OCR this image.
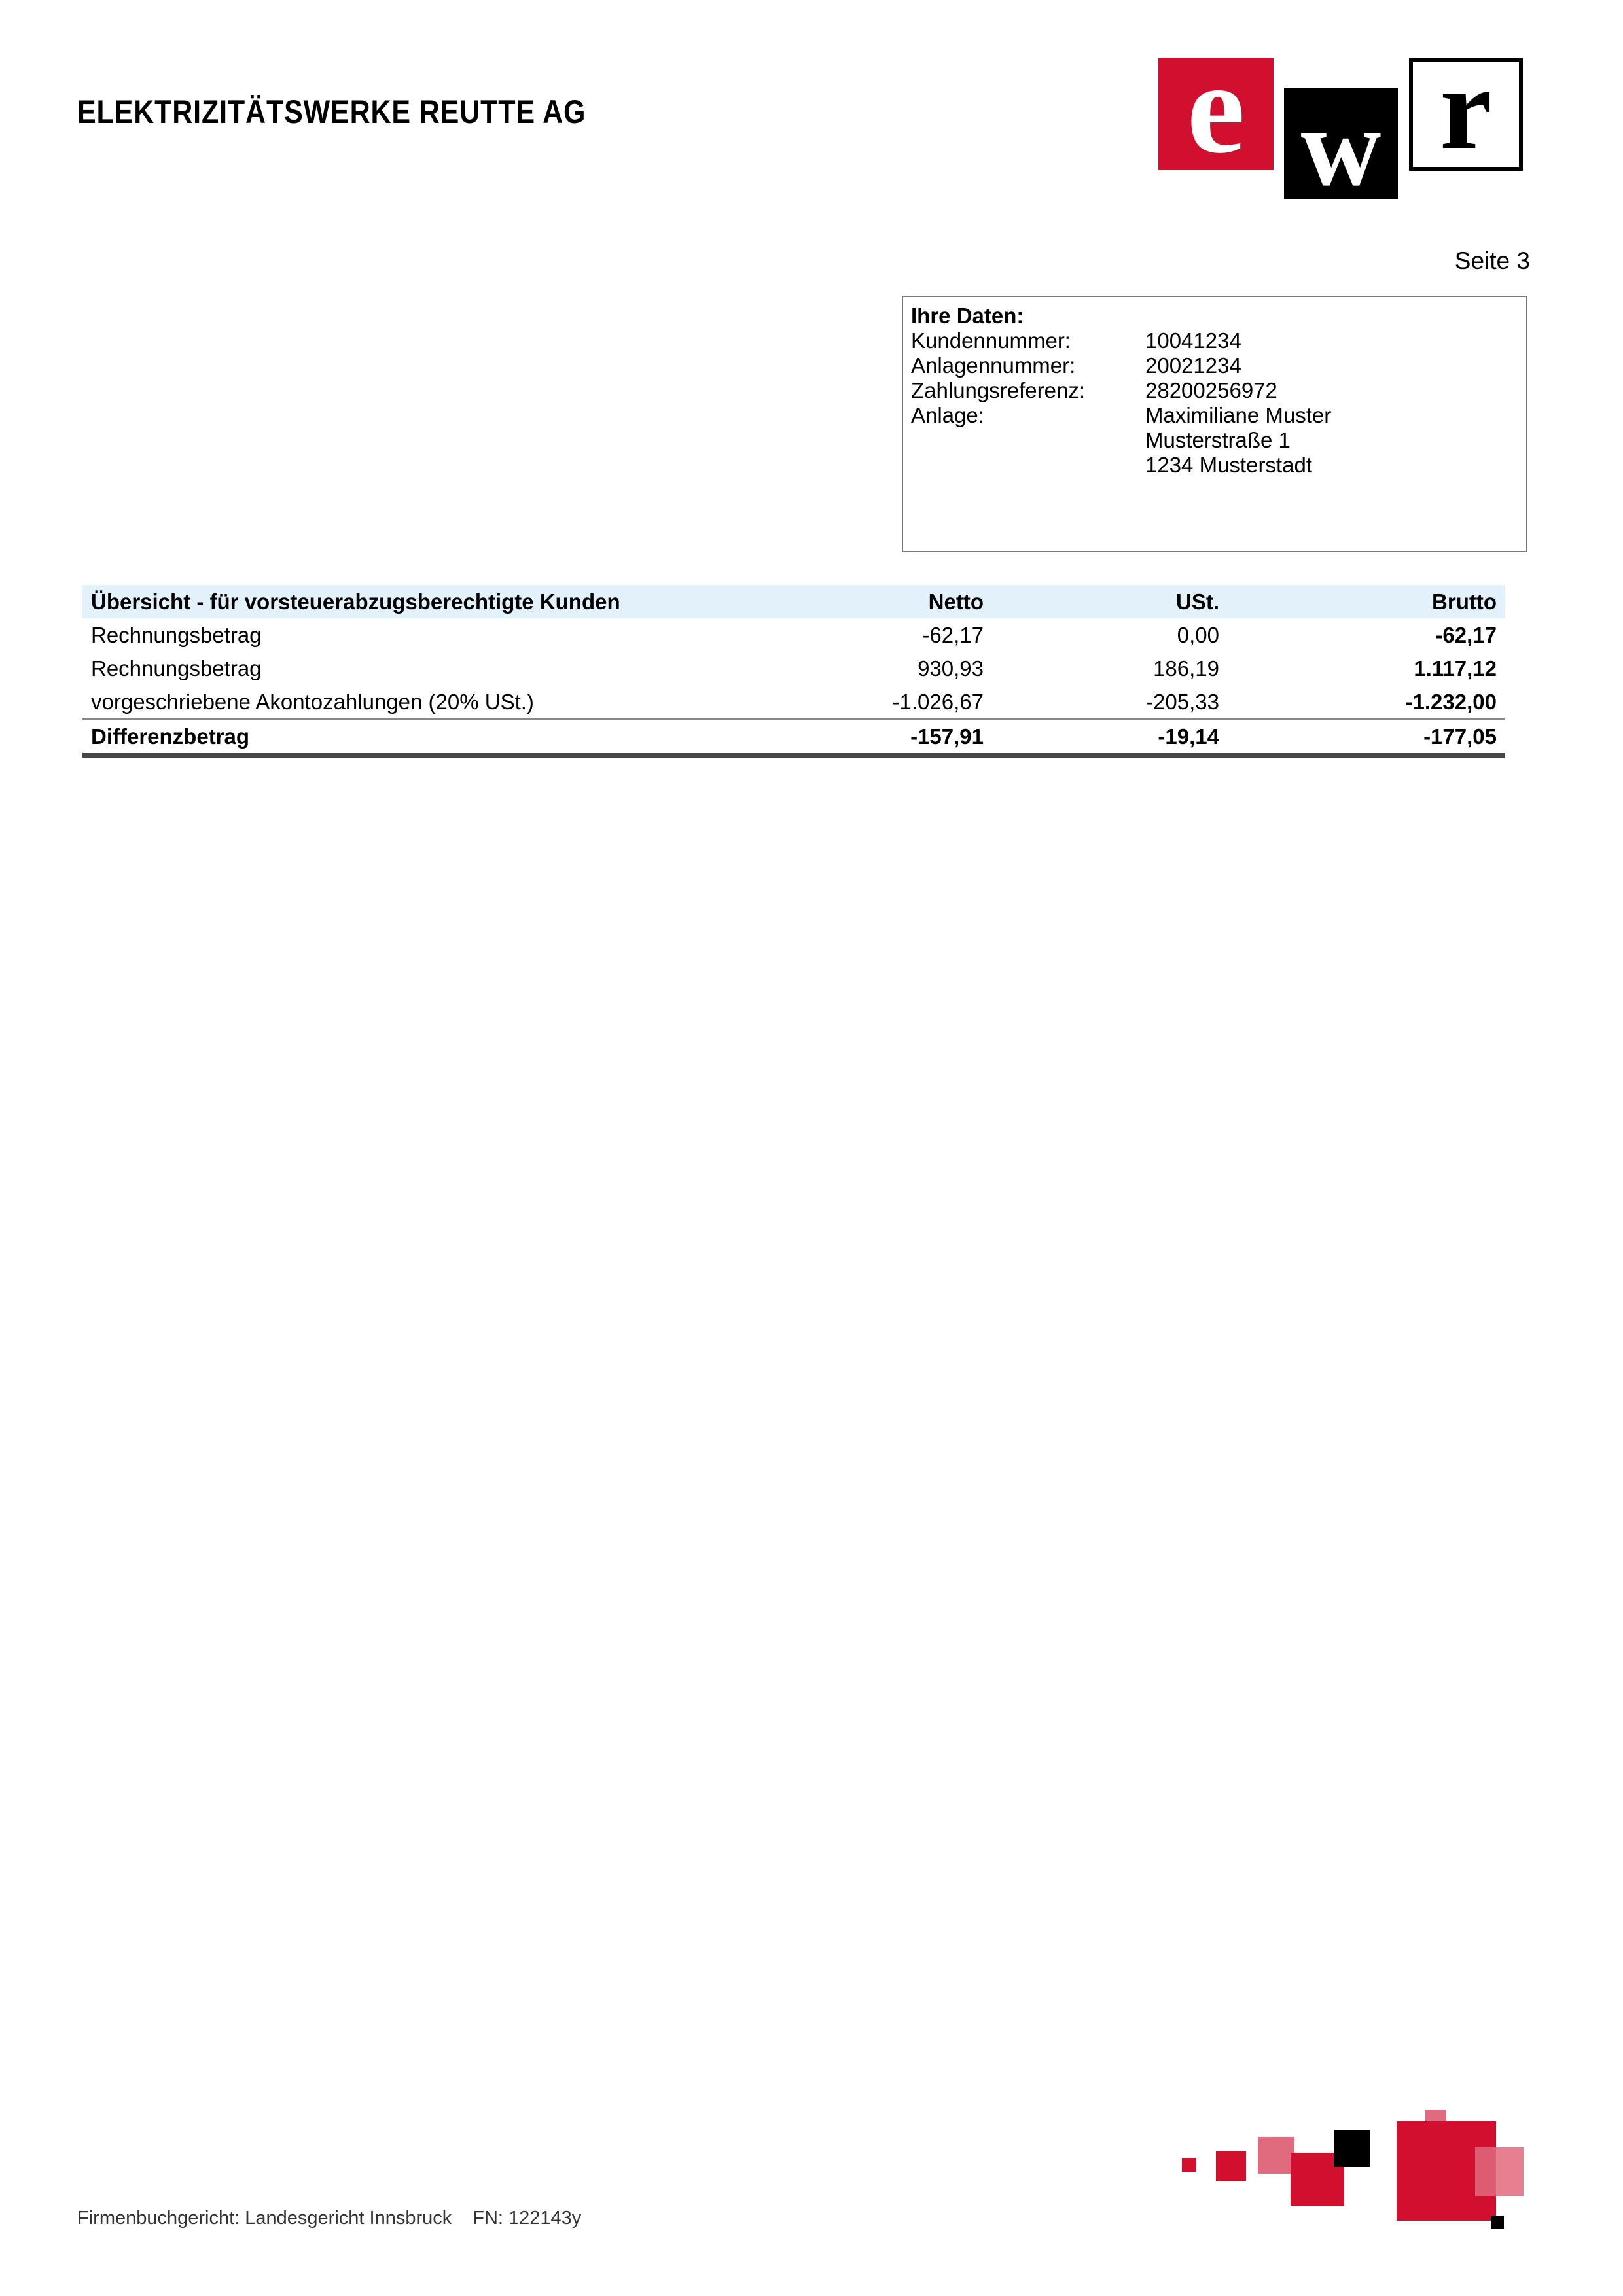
ELEKTRIZITÄTSWERKE REUTTE AG	e w r
Seite 3
Ihre Daten:
Kundennummer:	10041234
Anlagennummer:	20021234
Zahlungsreferenz:	28200256972
Anlage:	Maximiliane Muster
Musterstraße 1
1234 Musterstadt
Übersicht - für vorsteuerabzugsberechtigte Kunden	Netto	USt.	Brutto
Rechnungsbetrag	-62,17	0,00	-62,17
Rechnungsbetrag	930,93	186,19	1.117,12
vorgeschriebene Akontozahlungen (20% USt.)	-1.026,67	-205,33	-1.232,00
Differenzbetrag	-157,91	-19,14	-177,05
Firmenbuchgericht: Landesgericht Innsbruck FN: 122143y
